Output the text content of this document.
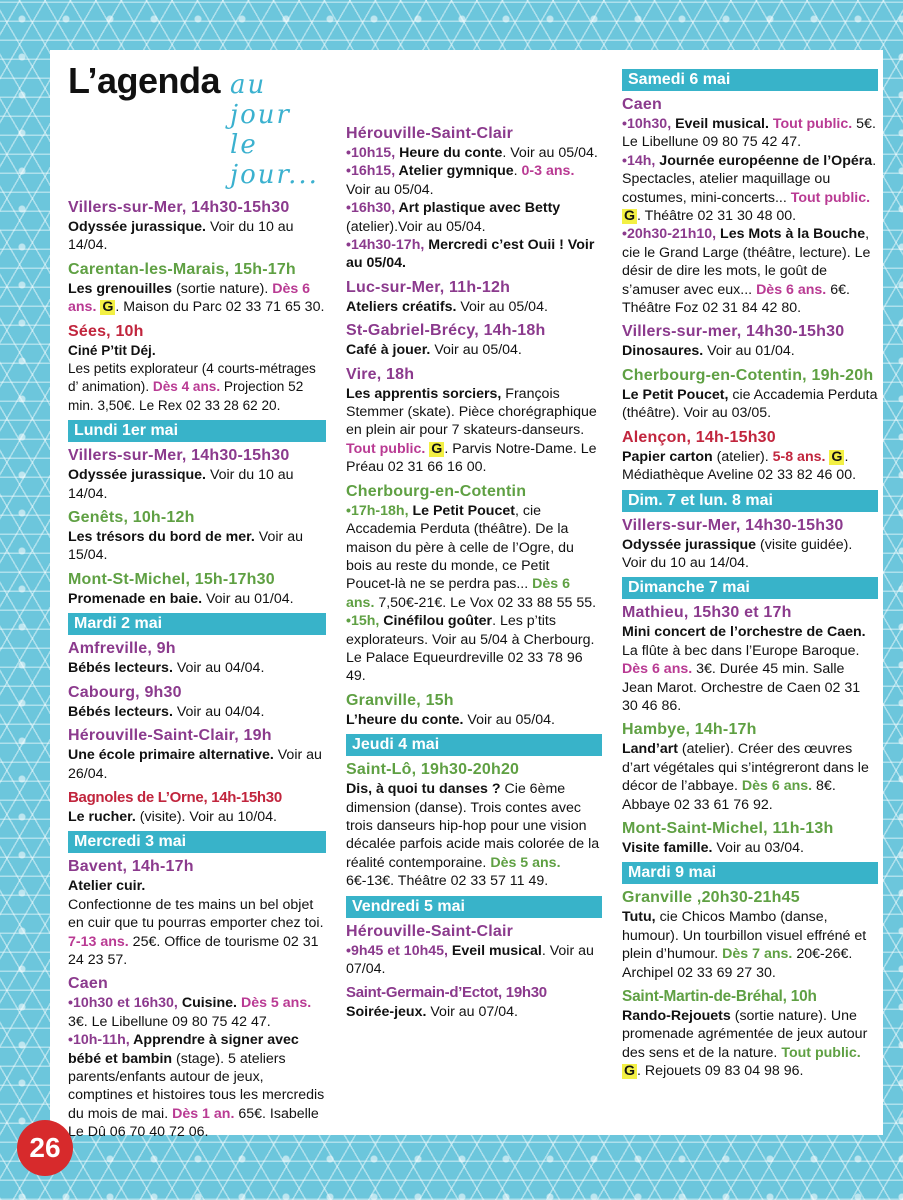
L’agenda au jour le jour...
Villers-sur-Mer, 14h30-15h30
Odyssée jurassique. Voir du 10 au 14/04.
Carentan-les-Marais, 15h-17h
Les grenouilles (sortie nature). Dès 6 ans. G . Maison du Parc 02 33 71 65 30.
Sées, 10h
Ciné P’tit Déj.
Les petits explorateur (4 courts-métrages d’ animation). Dès 4 ans. Projection 52 min. 3,50€. Le Rex 02 33 28 62 20.
Lundi 1er mai
Villers-sur-Mer, 14h30-15h30
Odyssée jurassique. Voir du 10 au 14/04.
Genêts, 10h-12h
Les trésors du bord de mer. Voir au 15/04.
Mont-St-Michel, 15h-17h30
Promenade en baie. Voir au 01/04.
Mardi 2 mai
Amfreville, 9h
Bébés lecteurs. Voir au 04/04.
Cabourg, 9h30
Bébés lecteurs. Voir au 04/04.
Hérouville-Saint-Clair, 19h
Une école primaire alternative. Voir au 26/04.
Bagnoles de L’Orne, 14h-15h30
Le rucher. (visite). Voir au 10/04.
Mercredi 3 mai
Bavent, 14h-17h
Atelier cuir.
Confectionne de tes mains un bel objet en cuir que tu pourras emporter chez toi. 7-13 ans. 25€. Office de tourisme 02 31 24 23 57.
Caen
•10h30 et 16h30, Cuisine. Dès 5 ans. 3€. Le Libellune 09 80 75 42 47.
•10h-11h, Apprendre à signer avec bébé et bambin (stage). 5 ateliers parents/enfants autour de jeux, comptines et histoires tous les mercredis du mois de mai. Dès 1 an. 65€. Isabelle Le Dû 06 70 40 72 06.
Hérouville-Saint-Clair
•10h15, Heure du conte. Voir au 05/04.
•16h15, Atelier gymnique. 0-3 ans. Voir au 05/04.
•16h30, Art plastique avec Betty (atelier).Voir au 05/04.
•14h30-17h, Mercredi c’est Ouii ! Voir au 05/04.
Luc-sur-Mer, 11h-12h
Ateliers créatifs. Voir au 05/04.
St-Gabriel-Brécy, 14h-18h
Café à jouer. Voir au 05/04.
Vire, 18h
Les apprentis sorciers, François Stemmer (skate). Pièce chorégraphique en plein air pour 7 skateurs-danseurs. Tout public. G . Parvis Notre-Dame. Le Préau 02 31 66 16 00.
Cherbourg-en-Cotentin
•17h-18h, Le Petit Poucet, cie Accademia Perduta (théâtre). De la maison du père à celle de l’Ogre, du bois au reste du monde, ce Petit Poucet-là ne se perdra pas... Dès 6 ans. 7,50€-21€. Le Vox 02 33 88 55 55.
•15h, Cinéfilou goûter. Les p’tits explorateurs. Voir au 5/04 à Cherbourg. Le Palace Equeurdreville 02 33 78 96 49.
Granville, 15h
L’heure du conte. Voir au 05/04.
Jeudi 4 mai
Saint-Lô, 19h30-20h20
Dis, à quoi tu danses ? Cie 6ème dimension (danse). Trois contes avec trois danseurs hip-hop pour une vision décalée parfois acide mais colorée de la réalité contemporaine. Dès 5 ans. 6€-13€. Théâtre 02 33 57 11 49.
Vendredi 5 mai
Hérouville-Saint-Clair
•9h45 et 10h45, Eveil musical. Voir au 07/04.
Saint-Germain-d’Ectot, 19h30
Soirée-jeux. Voir au 07/04.
Samedi 6 mai
Caen
•10h30, Eveil musical. Tout public. 5€. Le Libellune 09 80 75 42 47.
•14h, Journée européenne de l’Opéra. Spectacles, atelier maquillage ou costumes, mini-concerts... Tout public. G . Théâtre 02 31 30 48 00.
•20h30-21h10, Les Mots à la Bouche, cie le Grand Large (théâtre, lecture). Le désir de dire les mots, le goût de s’amuser avec eux... Dès 6 ans. 6€. Théâtre Foz 02 31 84 42 80.
Villers-sur-mer, 14h30-15h30
Dinosaures. Voir au 01/04.
Cherbourg-en-Cotentin, 19h-20h
Le Petit Poucet, cie Accademia Perduta (théâtre). Voir au 03/05.
Alençon, 14h-15h30
Papier carton (atelier). 5-8 ans. G . Médiathèque Aveline 02 33 82 46 00.
Dim. 7 et lun. 8 mai
Villers-sur-Mer, 14h30-15h30
Odyssée jurassique (visite guidée). Voir du 10 au 14/04.
Dimanche 7 mai
Mathieu, 15h30 et 17h
Mini concert de l’orchestre de Caen. La flûte à bec dans l’Europe Baroque. Dès 6 ans. 3€. Durée 45 min. Salle Jean Marot. Orchestre de Caen 02 31 30 46 86.
Hambye, 14h-17h
Land’art (atelier). Créer des œuvres d’art végétales qui s’intégreront dans le décor de l’abbaye. Dès 6 ans. 8€. Abbaye 02 33 61 76 92.
Mont-Saint-Michel, 11h-13h
Visite famille. Voir au 03/04.
Mardi 9 mai
Granville ,20h30-21h45
Tutu, cie Chicos Mambo (danse, humour). Un tourbillon visuel effréné et plein d’humour. Dès 7 ans. 20€-26€. Archipel 02 33 69 27 30.
Saint-Martin-de-Bréhal, 10h
Rando-Rejouets (sortie nature). Une promenade agrémentée de jeux autour des sens et de la nature. Tout public. G . Rejouets 09 83 04 98 96.
26
